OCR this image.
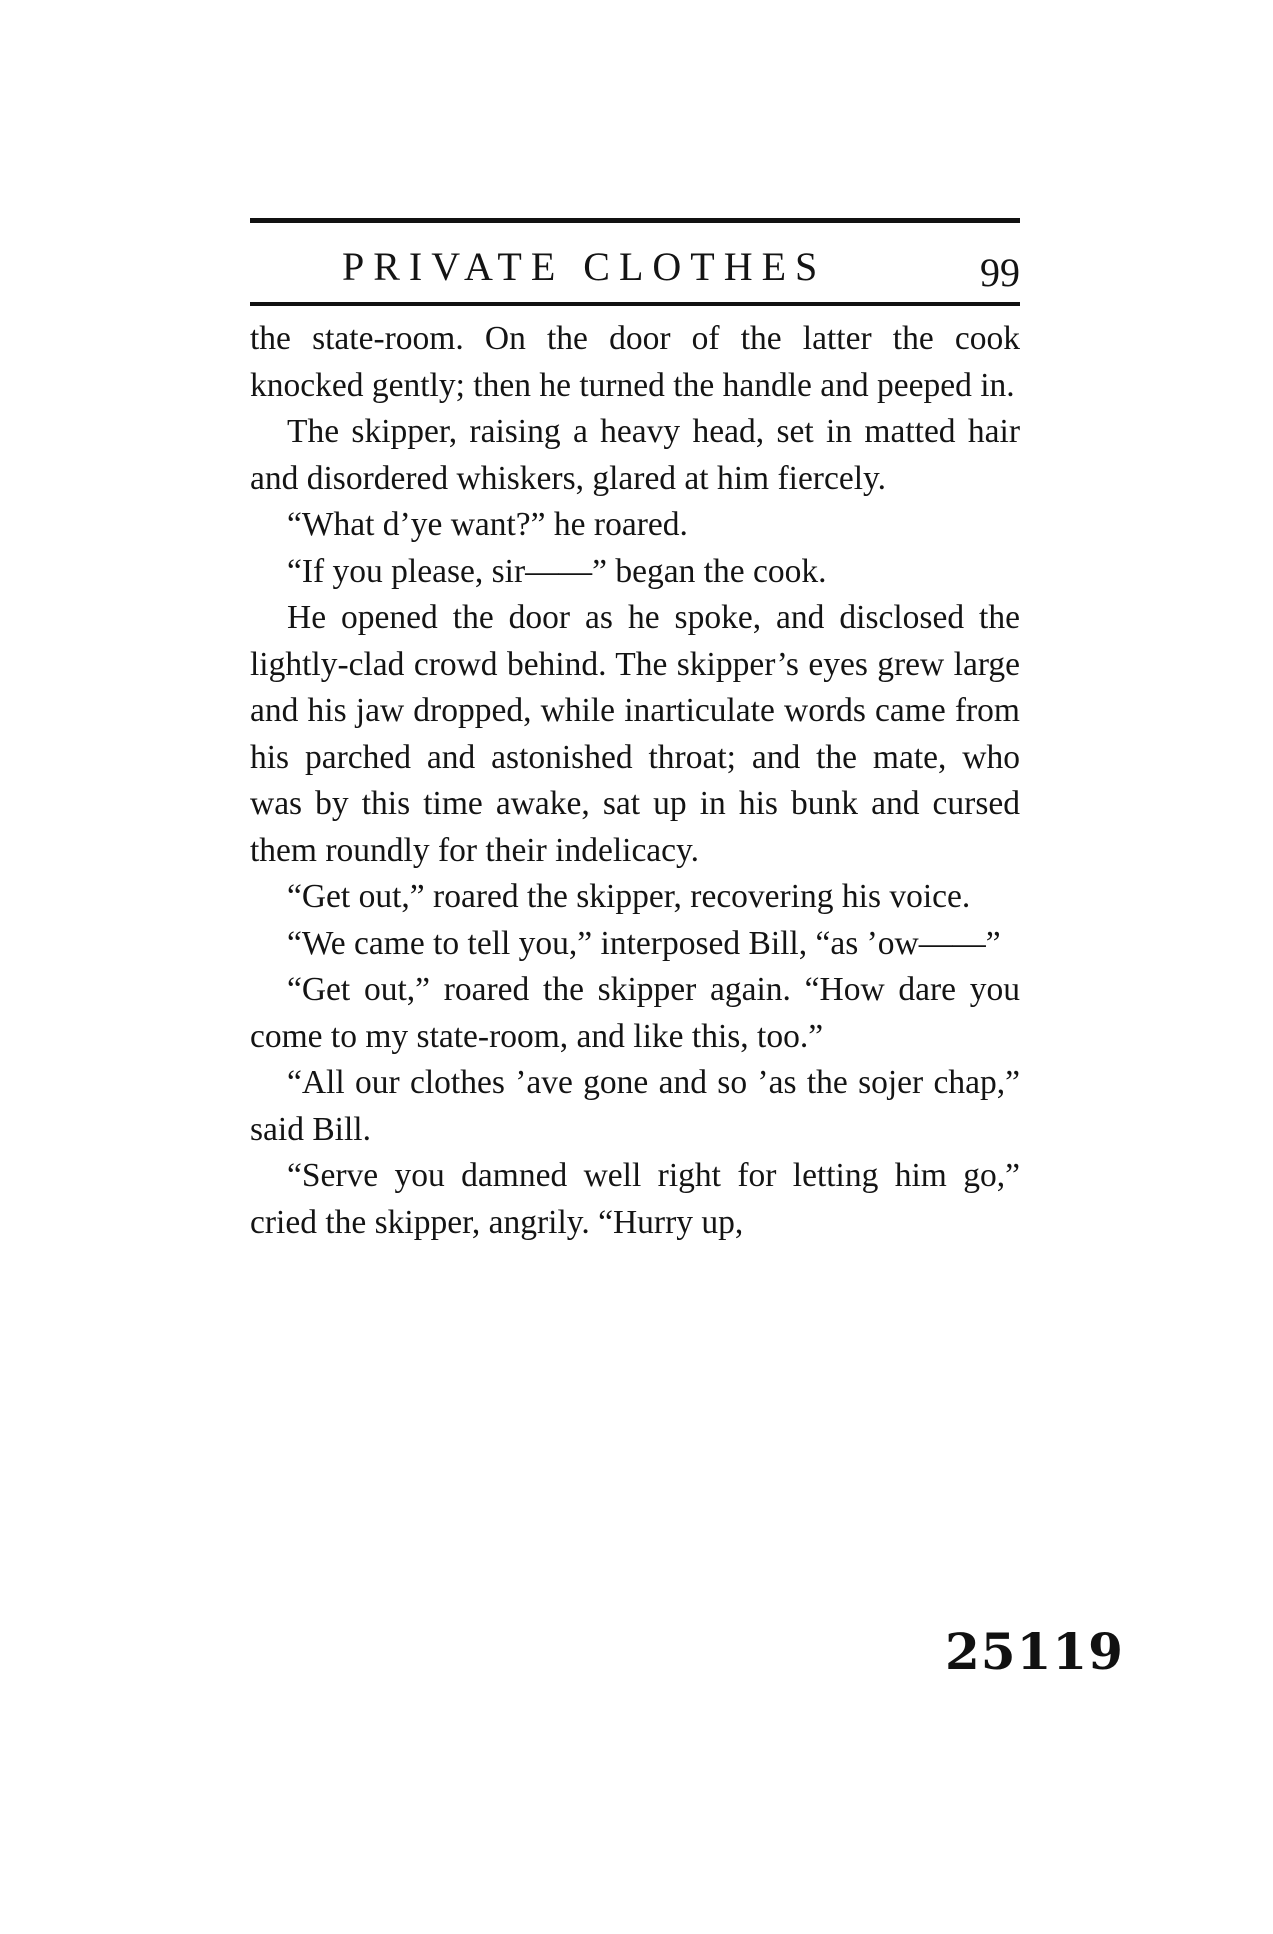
PRIVATE CLOTHES	99

the state-room. On the door of the latter the cook knocked gently; then he turned the handle and peeped in.

The skipper, raising a heavy head, set in matted hair and disordered whiskers, glared at him fiercely.

“What d’ye want?” he roared.

“If you please, sir——” began the cook.

He opened the door as he spoke, and disclosed the lightly-clad crowd behind. The skipper’s eyes grew large and his jaw dropped, while inarticulate words came from his parched and astonished throat; and the mate, who was by this time awake, sat up in his bunk and cursed them roundly for their indelicacy.

“Get out,” roared the skipper, recovering his voice.

“We came to tell you,” interposed Bill, “as ’ow——”

“Get out,” roared the skipper again. “How dare you come to my state-room, and like this, too.”

“All our clothes ’ave gone and so ’as the sojer chap,” said Bill.

“Serve you damned well right for letting him go,” cried the skipper, angrily. “Hurry up,

25119
